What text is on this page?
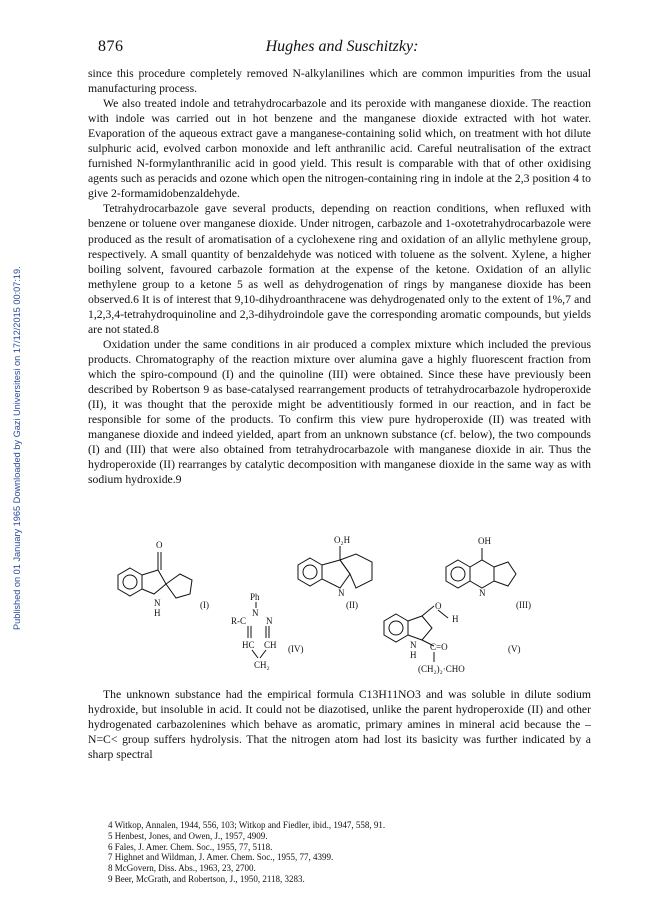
Published on 01 January 1965 Downloaded by Gazi Universitesi on 17/12/2015 00:07:19.
876	Hughes and Suschitzky:

since this procedure completely removed N-alkylanilines which are common impurities from the usual manufacturing process.

We also treated indole and tetrahydrocarbazole and its peroxide with manganese dioxide. The reaction with indole was carried out in hot benzene and the manganese dioxide extracted with hot water. Evaporation of the aqueous extract gave a manganese-containing solid which, on treatment with hot dilute sulphuric acid, evolved carbon monoxide and left anthranilic acid. Careful neutralisation of the extract furnished N-formylanthranilic acid in good yield. This result is comparable with that of other oxidising agents such as peracids and ozone which open the nitrogen-containing ring in indole at the 2,3 position 4 to give 2-formamidobenzaldehyde.

Tetrahydrocarbazole gave several products, depending on reaction conditions, when refluxed with benzene or toluene over manganese dioxide. Under nitrogen, carbazole and 1-oxotetrahydrocarbazole were produced as the result of aromatisation of a cyclohexene ring and oxidation of an allylic methylene group, respectively. A small quantity of benzaldehyde was noticed with toluene as the solvent. Xylene, a higher boiling solvent, favoured carbazole formation at the expense of the ketone. Oxidation of an allylic methylene group to a ketone 5 as well as dehydrogenation of rings by manganese dioxide has been observed.6 It is of interest that 9,10-dihydroanthracene was dehydrogenated only to the extent of 1%,7 and 1,2,3,4-tetrahydroquinoline and 2,3-dihydroindole gave the corresponding aromatic compounds, but yields are not stated.8

Oxidation under the same conditions in air produced a complex mixture which included the previous products. Chromatography of the reaction mixture over alumina gave a highly fluorescent fraction from which the spiro-compound (I) and the quinoline (III) were obtained. Since these have previously been described by Robertson 9 as base-catalysed rearrangement products of tetrahydrocarbazole hydroperoxide (II), it was thought that the peroxide might be adventitiously formed in our reaction, and in fact be responsible for some of the products. To confirm this view pure hydroperoxide (II) was treated with manganese dioxide and indeed yielded, apart from an unknown substance (cf. below), the two compounds (I) and (III) that were also obtained from tetrahydrocarbazole with manganese dioxide in air. Thus the hydroperoxide (II) rearranges by catalytic decomposition with manganese dioxide in the same way as with sodium hydroxide.9

O
N
H
(I)
O₂H
N
(II)
OH
N
(III)
Ph
N
R-C N
HC CH
CH₂
(IV)
O
H
N
H
C=O
(CH₂)₂·CHO
(V)

The unknown substance had the empirical formula C13H11NO3 and was soluble in dilute sodium hydroxide, but insoluble in acid. It could not be diazotised, unlike the parent hydroperoxide (II) and other hydrogenated carbazolenines which behave as aromatic, primary amines in mineral acid because the –N=C< group suffers hydrolysis. That the nitrogen atom had lost its basicity was further indicated by a sharp spectral

4 Witkop, Annalen, 1944, 556, 103; Witkop and Fiedler, ibid., 1947, 558, 91.
5 Henbest, Jones, and Owen, J., 1957, 4909.
6 Fales, J. Amer. Chem. Soc., 1955, 77, 5118.
7 Highnet and Wildman, J. Amer. Chem. Soc., 1955, 77, 4399.
8 McGovern, Diss. Abs., 1963, 23, 2700.
9 Beer, McGrath, and Robertson, J., 1950, 2118, 3283.
